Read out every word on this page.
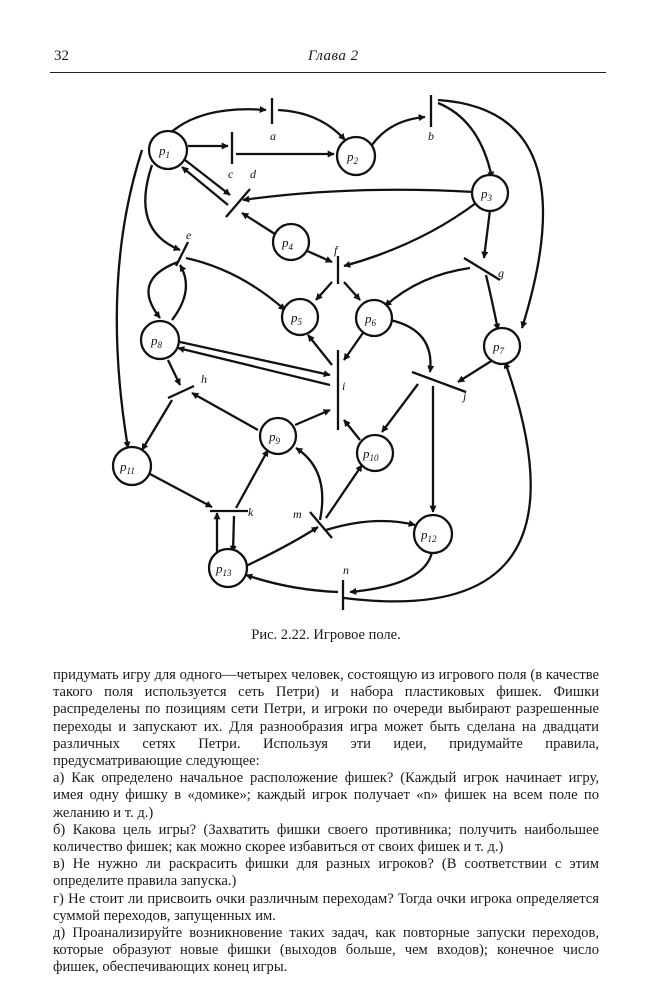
32	Глава 2
a	b
c d
e
f
g
h	i
j
k	m
n
$p_1$	$p_2$
$p_3$
$p_4$
$p_5$	$p_6$
$p_7$
$p_8$
$p_9$
$p_{10}$
$p_{11}$
$p_{12}$
$p_{13}$
Рис. 2.22. Игровое поле.

придумать игру для одного—четырех человек, состоящую из игрового поля (в качестве такого поля используется сеть Петри) и набора пластиковых фишек. Фишки распределены по позициям сети Петри, и игроки по очереди выбирают разрешенные переходы и запускают их. Для разнообразия игра может быть сделана на двадцати различных сетях Петри. Используя эти идеи, придумайте правила, предусматривающие следующее:

а) Как определено начальное расположение фишек? (Каждый игрок начинает игру, имея одну фишку в «домике»; каждый игрок получает «n» фишек на всем поле по желанию и т. д.)

б) Какова цель игры? (Захватить фишки своего противника; получить наибольшее количество фишек; как можно скорее избавиться от своих фишек и т. д.)

в) Не нужно ли раскрасить фишки для разных игроков? (В соответствии с этим определите правила запуска.)

г) Не стоит ли присвоить очки различным переходам? Тогда очки игрока определяется суммой переходов, запущенных им.

д) Проанализируйте возникновение таких задач, как повторные запуски переходов, которые образуют новые фишки (выходов больше, чем входов); конечное число фишек, обеспечивающих конец игры.
